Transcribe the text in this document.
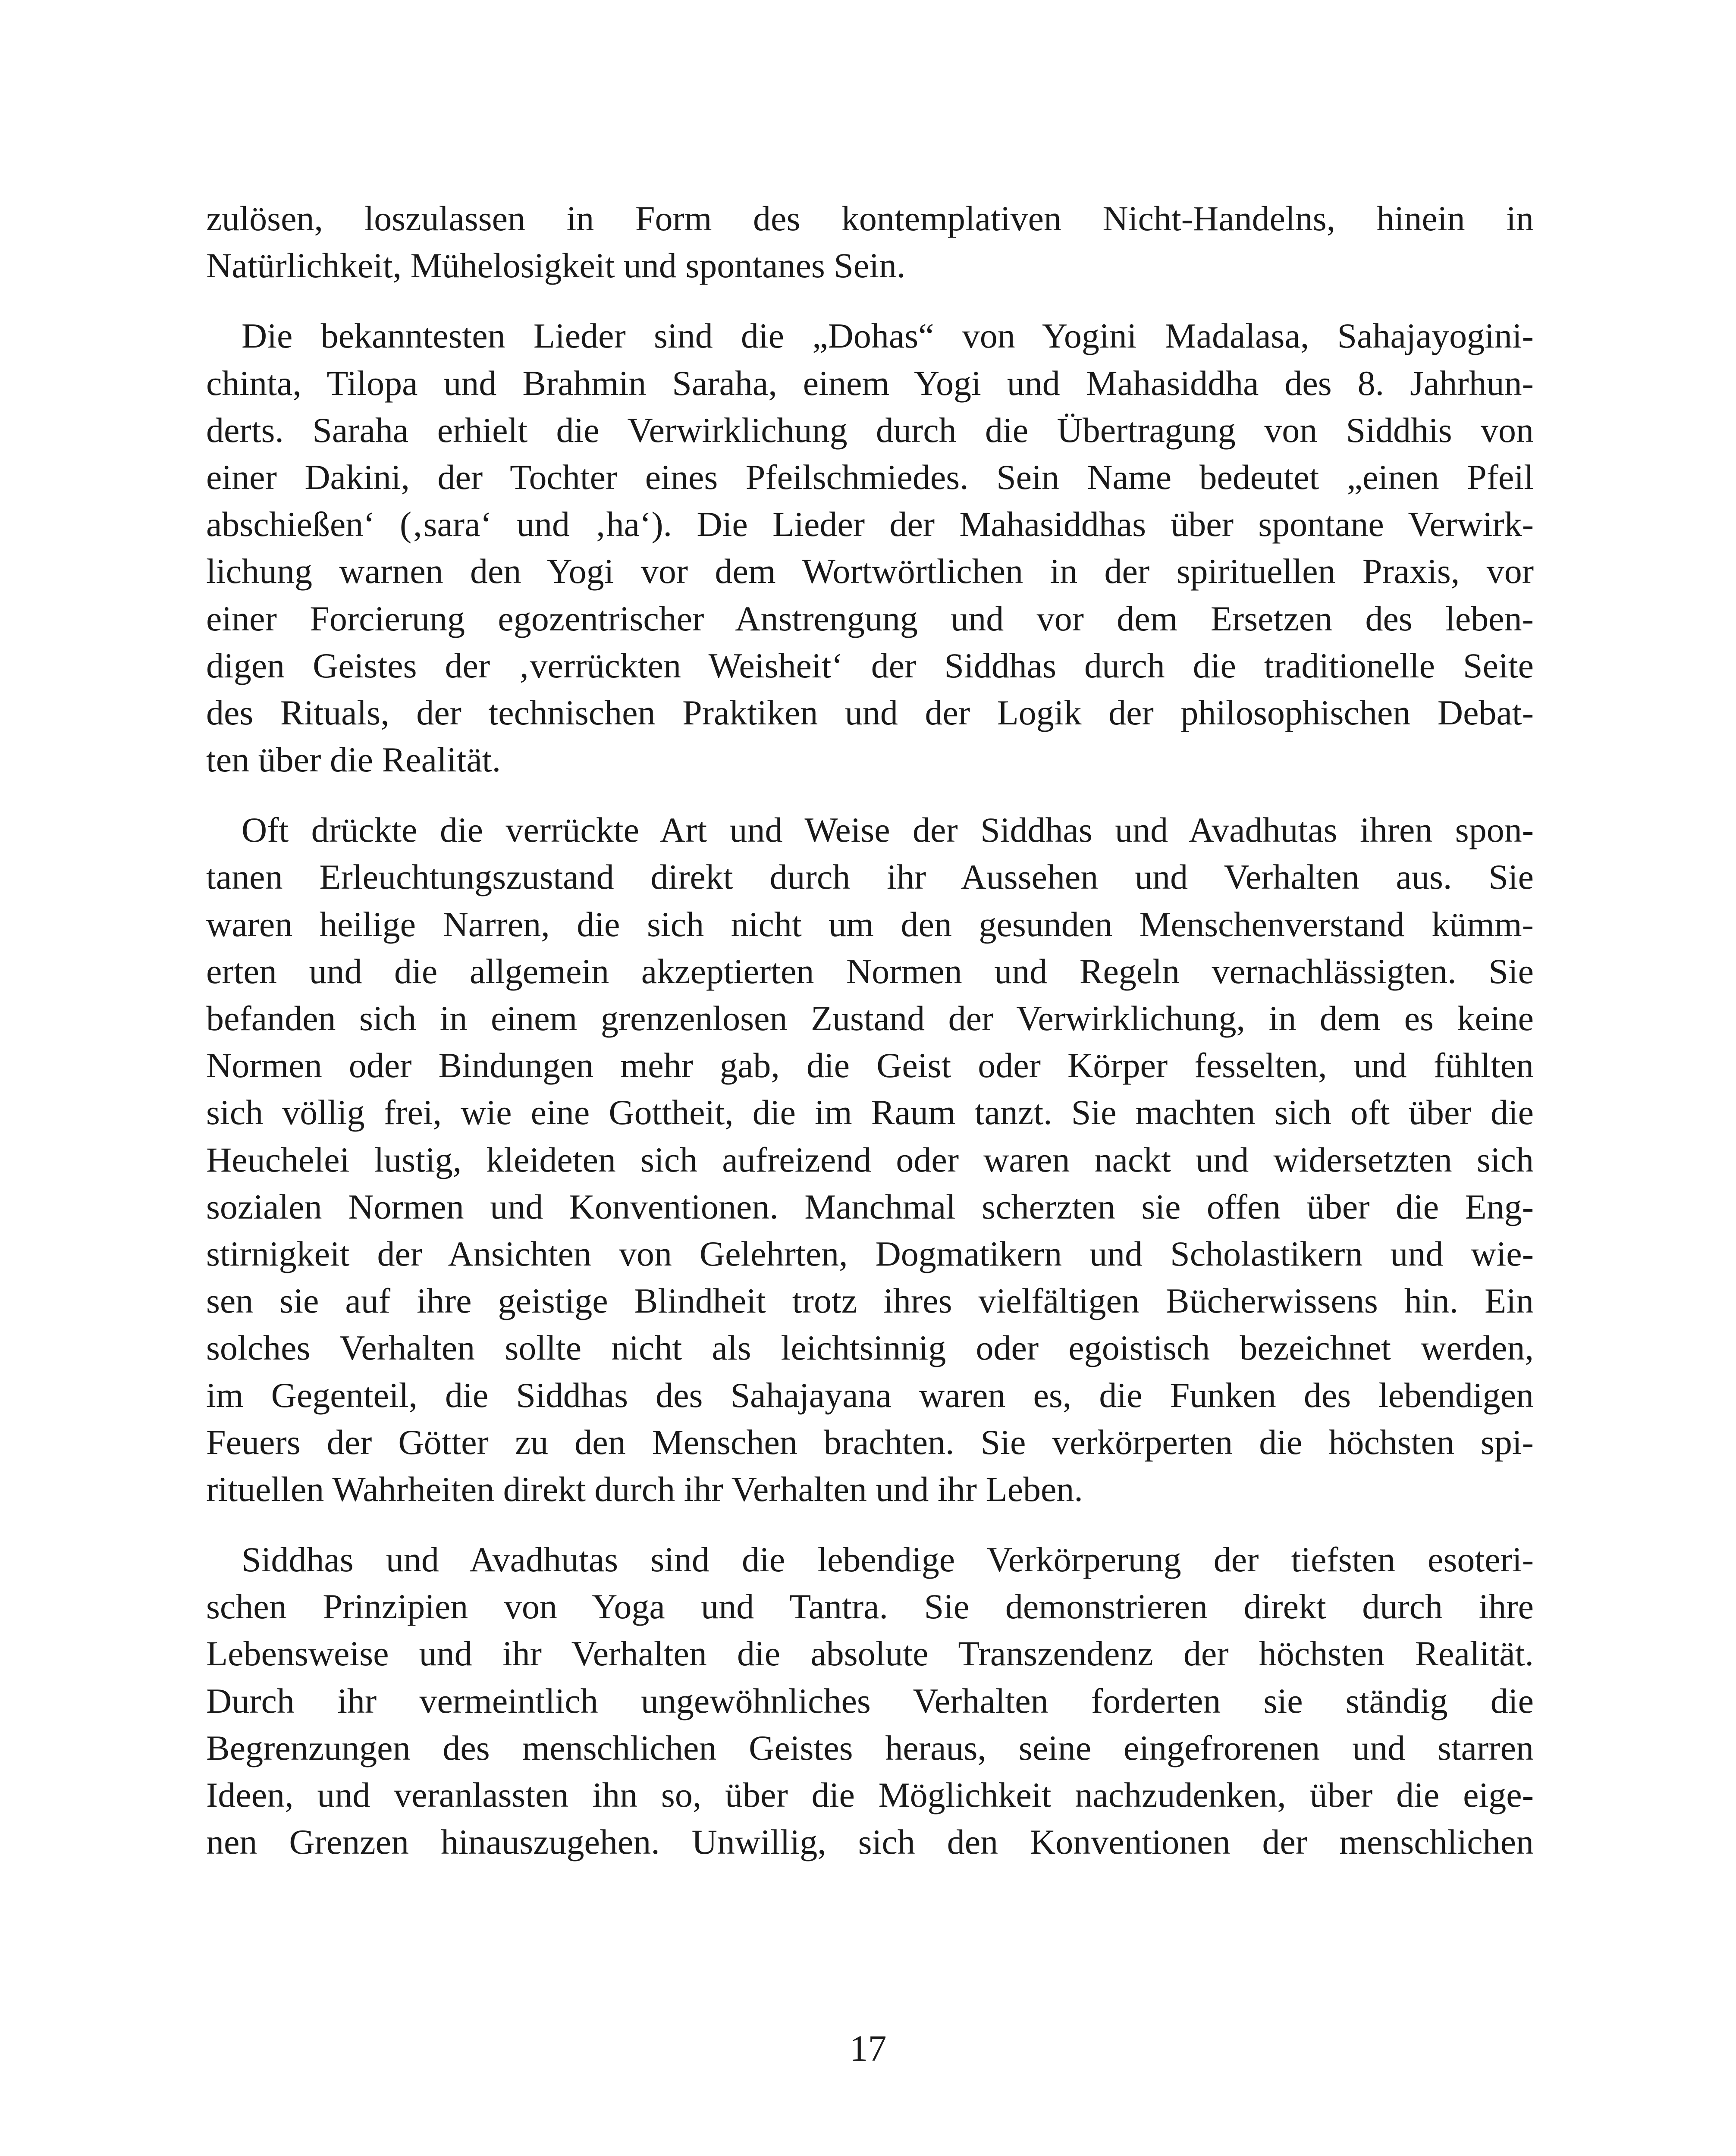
zulösen, loszulassen in Form des kontemplativen Nicht-Handelns, hinein in
Natürlichkeit, Mühelosigkeit und spontanes Sein.
Die bekanntesten Lieder sind die „Dohas“ von Yogini Madalasa, Sahajayogini-
chinta, Tilopa und Brahmin Saraha, einem Yogi und Mahasiddha des 8. Jahrhun-
derts. Saraha erhielt die Verwirklichung durch die Übertragung von Siddhis von
einer Dakini, der Tochter eines Pfeilschmiedes. Sein Name bedeutet „einen Pfeil
abschießen‘ (‚sara‘ und ‚ha‘). Die Lieder der Mahasiddhas über spontane Verwirk-
lichung warnen den Yogi vor dem Wortwörtlichen in der spirituellen Praxis, vor
einer Forcierung egozentrischer Anstrengung und vor dem Ersetzen des leben-
digen Geistes der ‚verrückten Weisheit‘ der Siddhas durch die traditionelle Seite
des Rituals, der technischen Praktiken und der Logik der philosophischen Debat-
ten über die Realität.
Oft drückte die verrückte Art und Weise der Siddhas und Avadhutas ihren spon-
tanen Erleuchtungszustand direkt durch ihr Aussehen und Verhalten aus. Sie
waren heilige Narren, die sich nicht um den gesunden Menschenverstand kümm-
erten und die allgemein akzeptierten Normen und Regeln vernachlässigten. Sie
befanden sich in einem grenzenlosen Zustand der Verwirklichung, in dem es keine
Normen oder Bindungen mehr gab, die Geist oder Körper fesselten, und fühlten
sich völlig frei, wie eine Gottheit, die im Raum tanzt. Sie machten sich oft über die
Heuchelei lustig, kleideten sich aufreizend oder waren nackt und widersetzten sich
sozialen Normen und Konventionen. Manchmal scherzten sie offen über die Eng-
stirnigkeit der Ansichten von Gelehrten, Dogmatikern und Scholastikern und wie-
sen sie auf ihre geistige Blindheit trotz ihres vielfältigen Bücherwissens hin. Ein
solches Verhalten sollte nicht als leichtsinnig oder egoistisch bezeichnet werden,
im Gegenteil, die Siddhas des Sahajayana waren es, die Funken des lebendigen
Feuers der Götter zu den Menschen brachten. Sie verkörperten die höchsten spi-
rituellen Wahrheiten direkt durch ihr Verhalten und ihr Leben.
Siddhas und Avadhutas sind die lebendige Verkörperung der tiefsten esoteri-
schen Prinzipien von Yoga und Tantra. Sie demonstrieren direkt durch ihre
Lebensweise und ihr Verhalten die absolute Transzendenz der höchsten Realität.
Durch ihr vermeintlich ungewöhnliches Verhalten forderten sie ständig die
Begrenzungen des menschlichen Geistes heraus, seine eingefrorenen und starren
Ideen, und veranlassten ihn so, über die Möglichkeit nachzudenken, über die eige-
nen Grenzen hinauszugehen. Unwillig, sich den Konventionen der menschlichen
17
